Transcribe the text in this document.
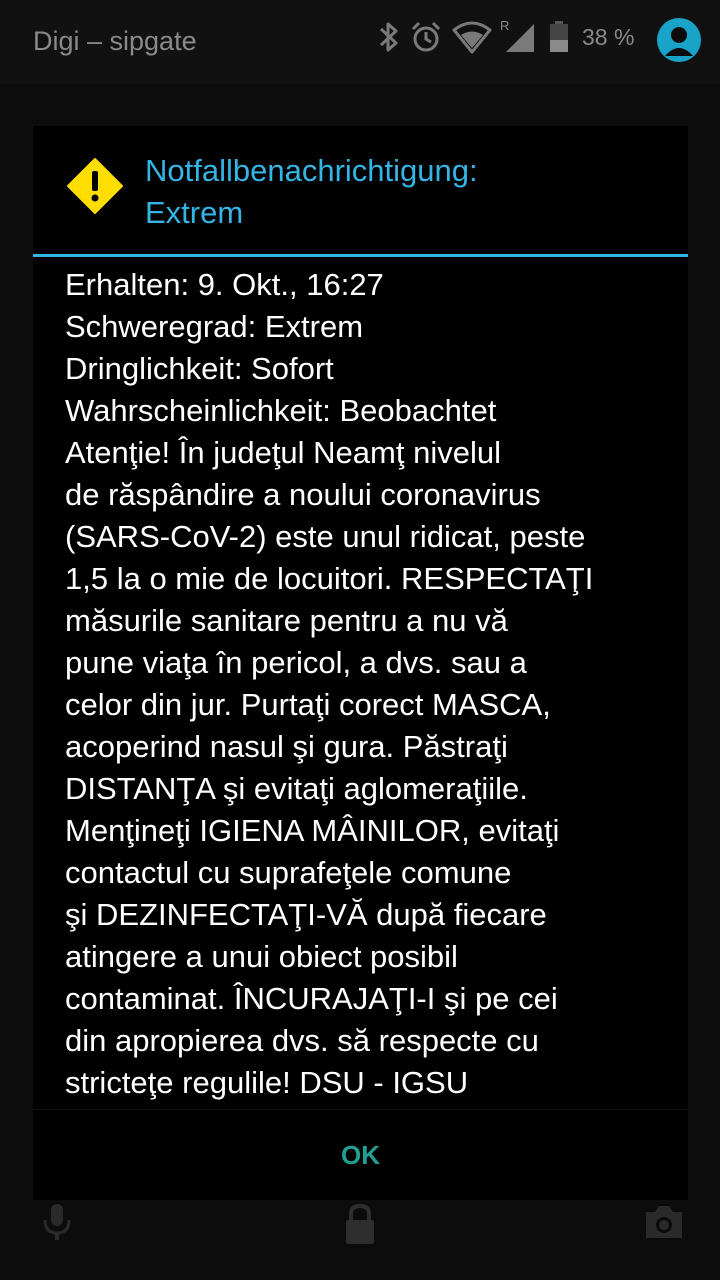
Digi – sipgate
R	38 %
Notfallbenachrichtigung:
Extrem
Erhalten: 9. Okt., 16:27
Schweregrad: Extrem
Dringlichkeit: Sofort
Wahrscheinlichkeit: Beobachtet
Atenţie! În judeţul Neamţ nivelul
de răspândire a noului coronavirus
(SARS-CoV-2) este unul ridicat, peste
1,5 la o mie de locuitori. RESPECTAŢI
măsurile sanitare pentru a nu vă
pune viaţa în pericol, a dvs. sau a
celor din jur. Purtaţi corect MASCA,
acoperind nasul şi gura. Păstraţi
DISTANŢA şi evitaţi aglomeraţiile.
Menţineţi IGIENA MÂINILOR, evitaţi
contactul cu suprafeţele comune
şi DEZINFECTAŢI-VĂ după fiecare
atingere a unui obiect posibil
contaminat. ÎNCURAJAŢI-I şi pe cei
din apropierea dvs. să respecte cu
stricteţe regulile! DSU - IGSU
OK
